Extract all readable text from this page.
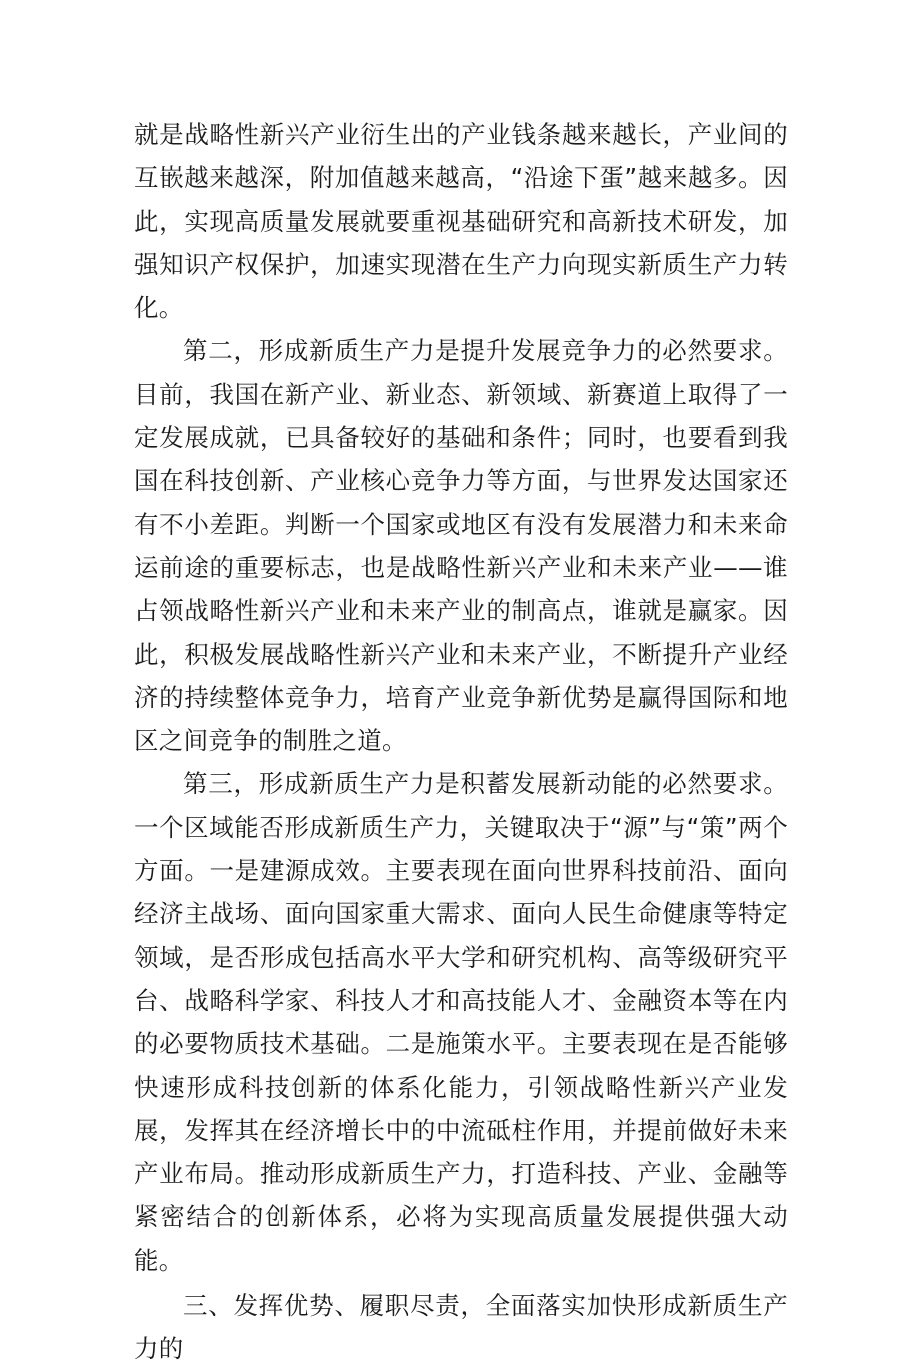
就是战略性新兴产业衍生出的产业钱条越来越长，产业间的互嵌越来越深，附加值越来越高，“沿途下蛋”越来越多。因此，实现高质量发展就要重视基础研究和高新技术研发，加强知识产权保护，加速实现潜在生产力向现实新质生产力转化。

第二，形成新质生产力是提升发展竞争力的必然要求。目前，我国在新产业、新业态、新领域、新赛道上取得了一定发展成就，已具备较好的基础和条件；同时，也要看到我国在科技创新、产业核心竞争力等方面，与世界发达国家还有不小差距。判断一个国家或地区有没有发展潜力和未来命运前途的重要标志，也是战略性新兴产业和未来产业——谁占领战略性新兴产业和未来产业的制高点，谁就是赢家。因此，积极发展战略性新兴产业和未来产业，不断提升产业经济的持续整体竞争力，培育产业竞争新优势是赢得国际和地区之间竞争的制胜之道。

第三，形成新质生产力是积蓄发展新动能的必然要求。一个区域能否形成新质生产力，关键取决于“源”与“策”两个方面。一是建源成效。主要表现在面向世界科技前沿、面向经济主战场、面向国家重大需求、面向人民生命健康等特定领域，是否形成包括高水平大学和研究机构、高等级研究平台、战略科学家、科技人才和高技能人才、金融资本等在内的必要物质技术基础。二是施策水平。主要表现在是否能够快速形成科技创新的体系化能力，引领战略性新兴产业发展，发挥其在经济增长中的中流砥柱作用，并提前做好未来产业布局。推动形成新质生产力，打造科技、产业、金融等紧密结合的创新体系，必将为实现高质量发展提供强大动能。

三、发挥优势、履职尽责，全面落实加快形成新质生产力的
